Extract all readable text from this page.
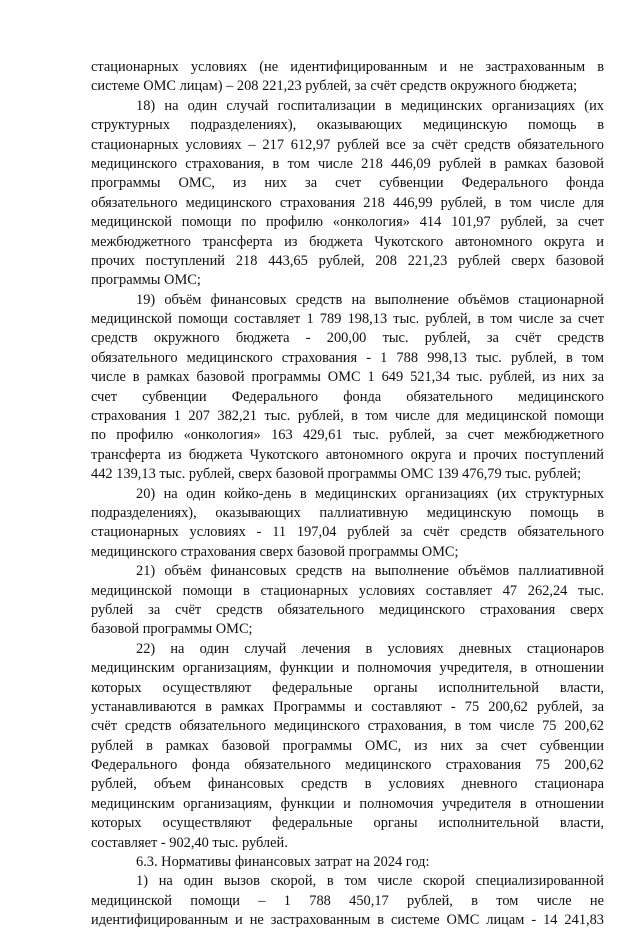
стационарных условиях (не идентифицированным и не застрахованным в
системе ОМС лицам) – 208 221,23 рублей, за счёт средств окружного бюджета;
18) на один случай госпитализации в медицинских организациях (их
структурных подразделениях), оказывающих медицинскую помощь в
стационарных условиях – 217 612,97 рублей все за счёт средств обязательного
медицинского страхования, в том числе 218 446,09 рублей в рамках базовой
программы ОМС, из них за счет субвенции Федерального фонда
обязательного медицинского страхования 218 446,99 рублей, в том числе для
медицинской помощи по профилю «онкология» 414 101,97 рублей, за счет
межбюджетного трансферта из бюджета Чукотского автономного округа и
прочих поступлений 218 443,65 рублей, 208 221,23 рублей сверх базовой
программы ОМС;
19) объём финансовых средств на выполнение объёмов стационарной
медицинской помощи составляет 1 789 198,13 тыс. рублей, в том числе за счет
средств окружного бюджета - 200,00 тыс. рублей, за счёт средств
обязательного медицинского страхования - 1 788 998,13 тыс. рублей, в том
числе в рамках базовой программы ОМС 1 649 521,34 тыс. рублей, из них за
счет субвенции Федерального фонда обязательного медицинского
страхования 1 207 382,21 тыс. рублей, в том числе для медицинской помощи
по профилю «онкология» 163 429,61 тыс. рублей, за счет межбюджетного
трансферта из бюджета Чукотского автономного округа и прочих поступлений
442 139,13 тыс. рублей, сверх базовой программы ОМС 139 476,79 тыс. рублей;
20) на один койко-день в медицинских организациях (их структурных
подразделениях), оказывающих паллиативную медицинскую помощь в
стационарных условиях - 11 197,04 рублей за счёт средств обязательного
медицинского страхования сверх базовой программы ОМС;
21) объём финансовых средств на выполнение объёмов паллиативной
медицинской помощи в стационарных условиях составляет 47 262,24 тыс.
рублей за счёт средств обязательного медицинского страхования сверх
базовой программы ОМС;
22) на один случай лечения в условиях дневных стационаров
медицинским организациям, функции и полномочия учредителя, в отношении
которых осуществляют федеральные органы исполнительной власти,
устанавливаются в рамках Программы и составляют - 75 200,62 рублей, за
счёт средств обязательного медицинского страхования, в том числе 75 200,62
рублей в рамках базовой программы ОМС, из них за счет субвенции
Федерального фонда обязательного медицинского страхования 75 200,62
рублей, объем финансовых средств в условиях дневного стационара
медицинским организациям, функции и полномочия учредителя в отношении
которых осуществляют федеральные органы исполнительной власти,
составляет - 902,40 тыс. рублей.
6.3. Нормативы финансовых затрат на 2024 год:
1) на один вызов скорой, в том числе скорой специализированной
медицинской помощи – 1 788 450,17 рублей, в том числе не
идентифицированным и не застрахованным в системе ОМС лицам - 14 241,83
